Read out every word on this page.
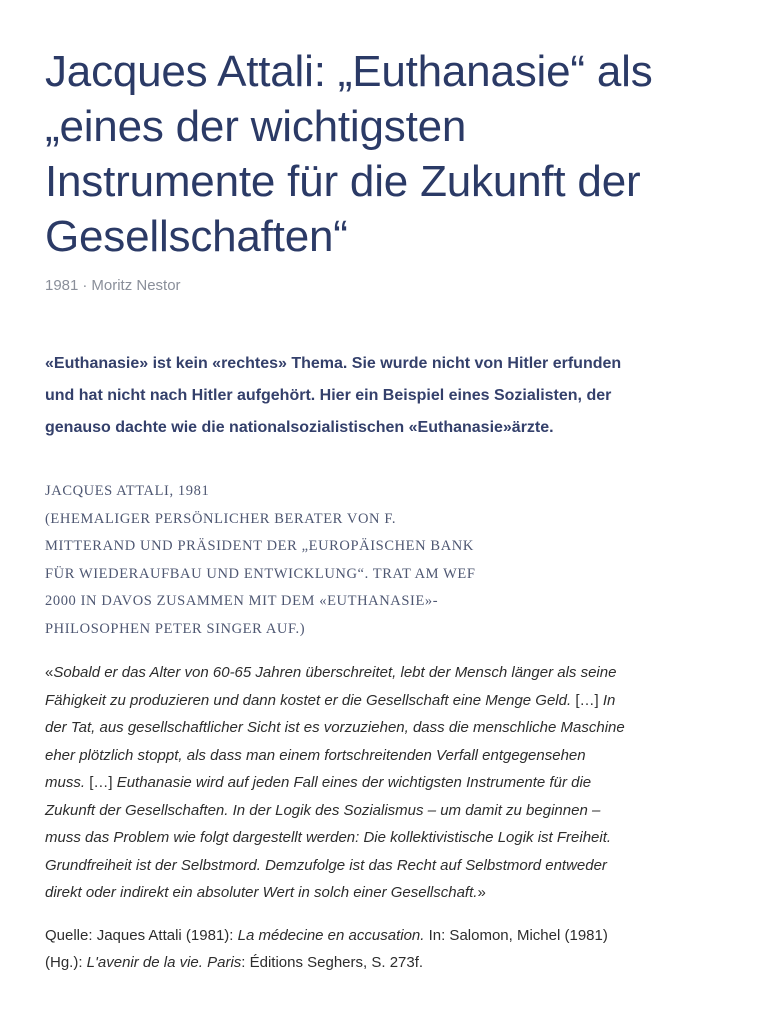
Jacques Attali: „Euthanasie“ als
„eines der wichtigsten
Instrumente für die Zukunft der
Gesellschaften“
1981 · Moritz Nestor

«Euthanasie» ist kein «rechtes» Thema. Sie wurde nicht von Hitler erfunden
und hat nicht nach Hitler aufgehört. Hier ein Beispiel eines Sozialisten, der
genauso dachte wie die nationalsozialistischen «Euthanasie»ärzte.

JACQUES ATTALI, 1981
(EHEMALIGER PERSÖNLICHER BERATER VON F.
MITTERAND UND PRÄSIDENT DER „EUROPÄISCHEN BANK
FÜR WIEDERAUFBAU UND ENTWICKLUNG“. TRAT AM WEF
2000 IN DAVOS ZUSAMMEN MIT DEM «EUTHANASIE»-
PHILOSOPHEN PETER SINGER AUF.)

«Sobald er das Alter von 60-65 Jahren überschreitet, lebt der Mensch länger als seine
Fähigkeit zu produzieren und dann kostet er die Gesellschaft eine Menge Geld. […] In
der Tat, aus gesellschaftlicher Sicht ist es vorzuziehen, dass die menschliche Maschine
eher plötzlich stoppt, als dass man einem fortschreitenden Verfall entgegensehen
muss. […] Euthanasie wird auf jeden Fall eines der wichtigsten Instrumente für die
Zukunft der Gesellschaften. In der Logik des Sozialismus – um damit zu beginnen –
muss das Problem wie folgt dargestellt werden: Die kollektivistische Logik ist Freiheit.
Grundfreiheit ist der Selbstmord. Demzufolge ist das Recht auf Selbstmord entweder
direkt oder indirekt ein absoluter Wert in solch einer Gesellschaft.»

Quelle: Jaques Attali (1981): La médecine en accusation. In: Salomon, Michel (1981)
(Hg.): L'avenir de la vie. Paris: Éditions Seghers, S. 273f.
